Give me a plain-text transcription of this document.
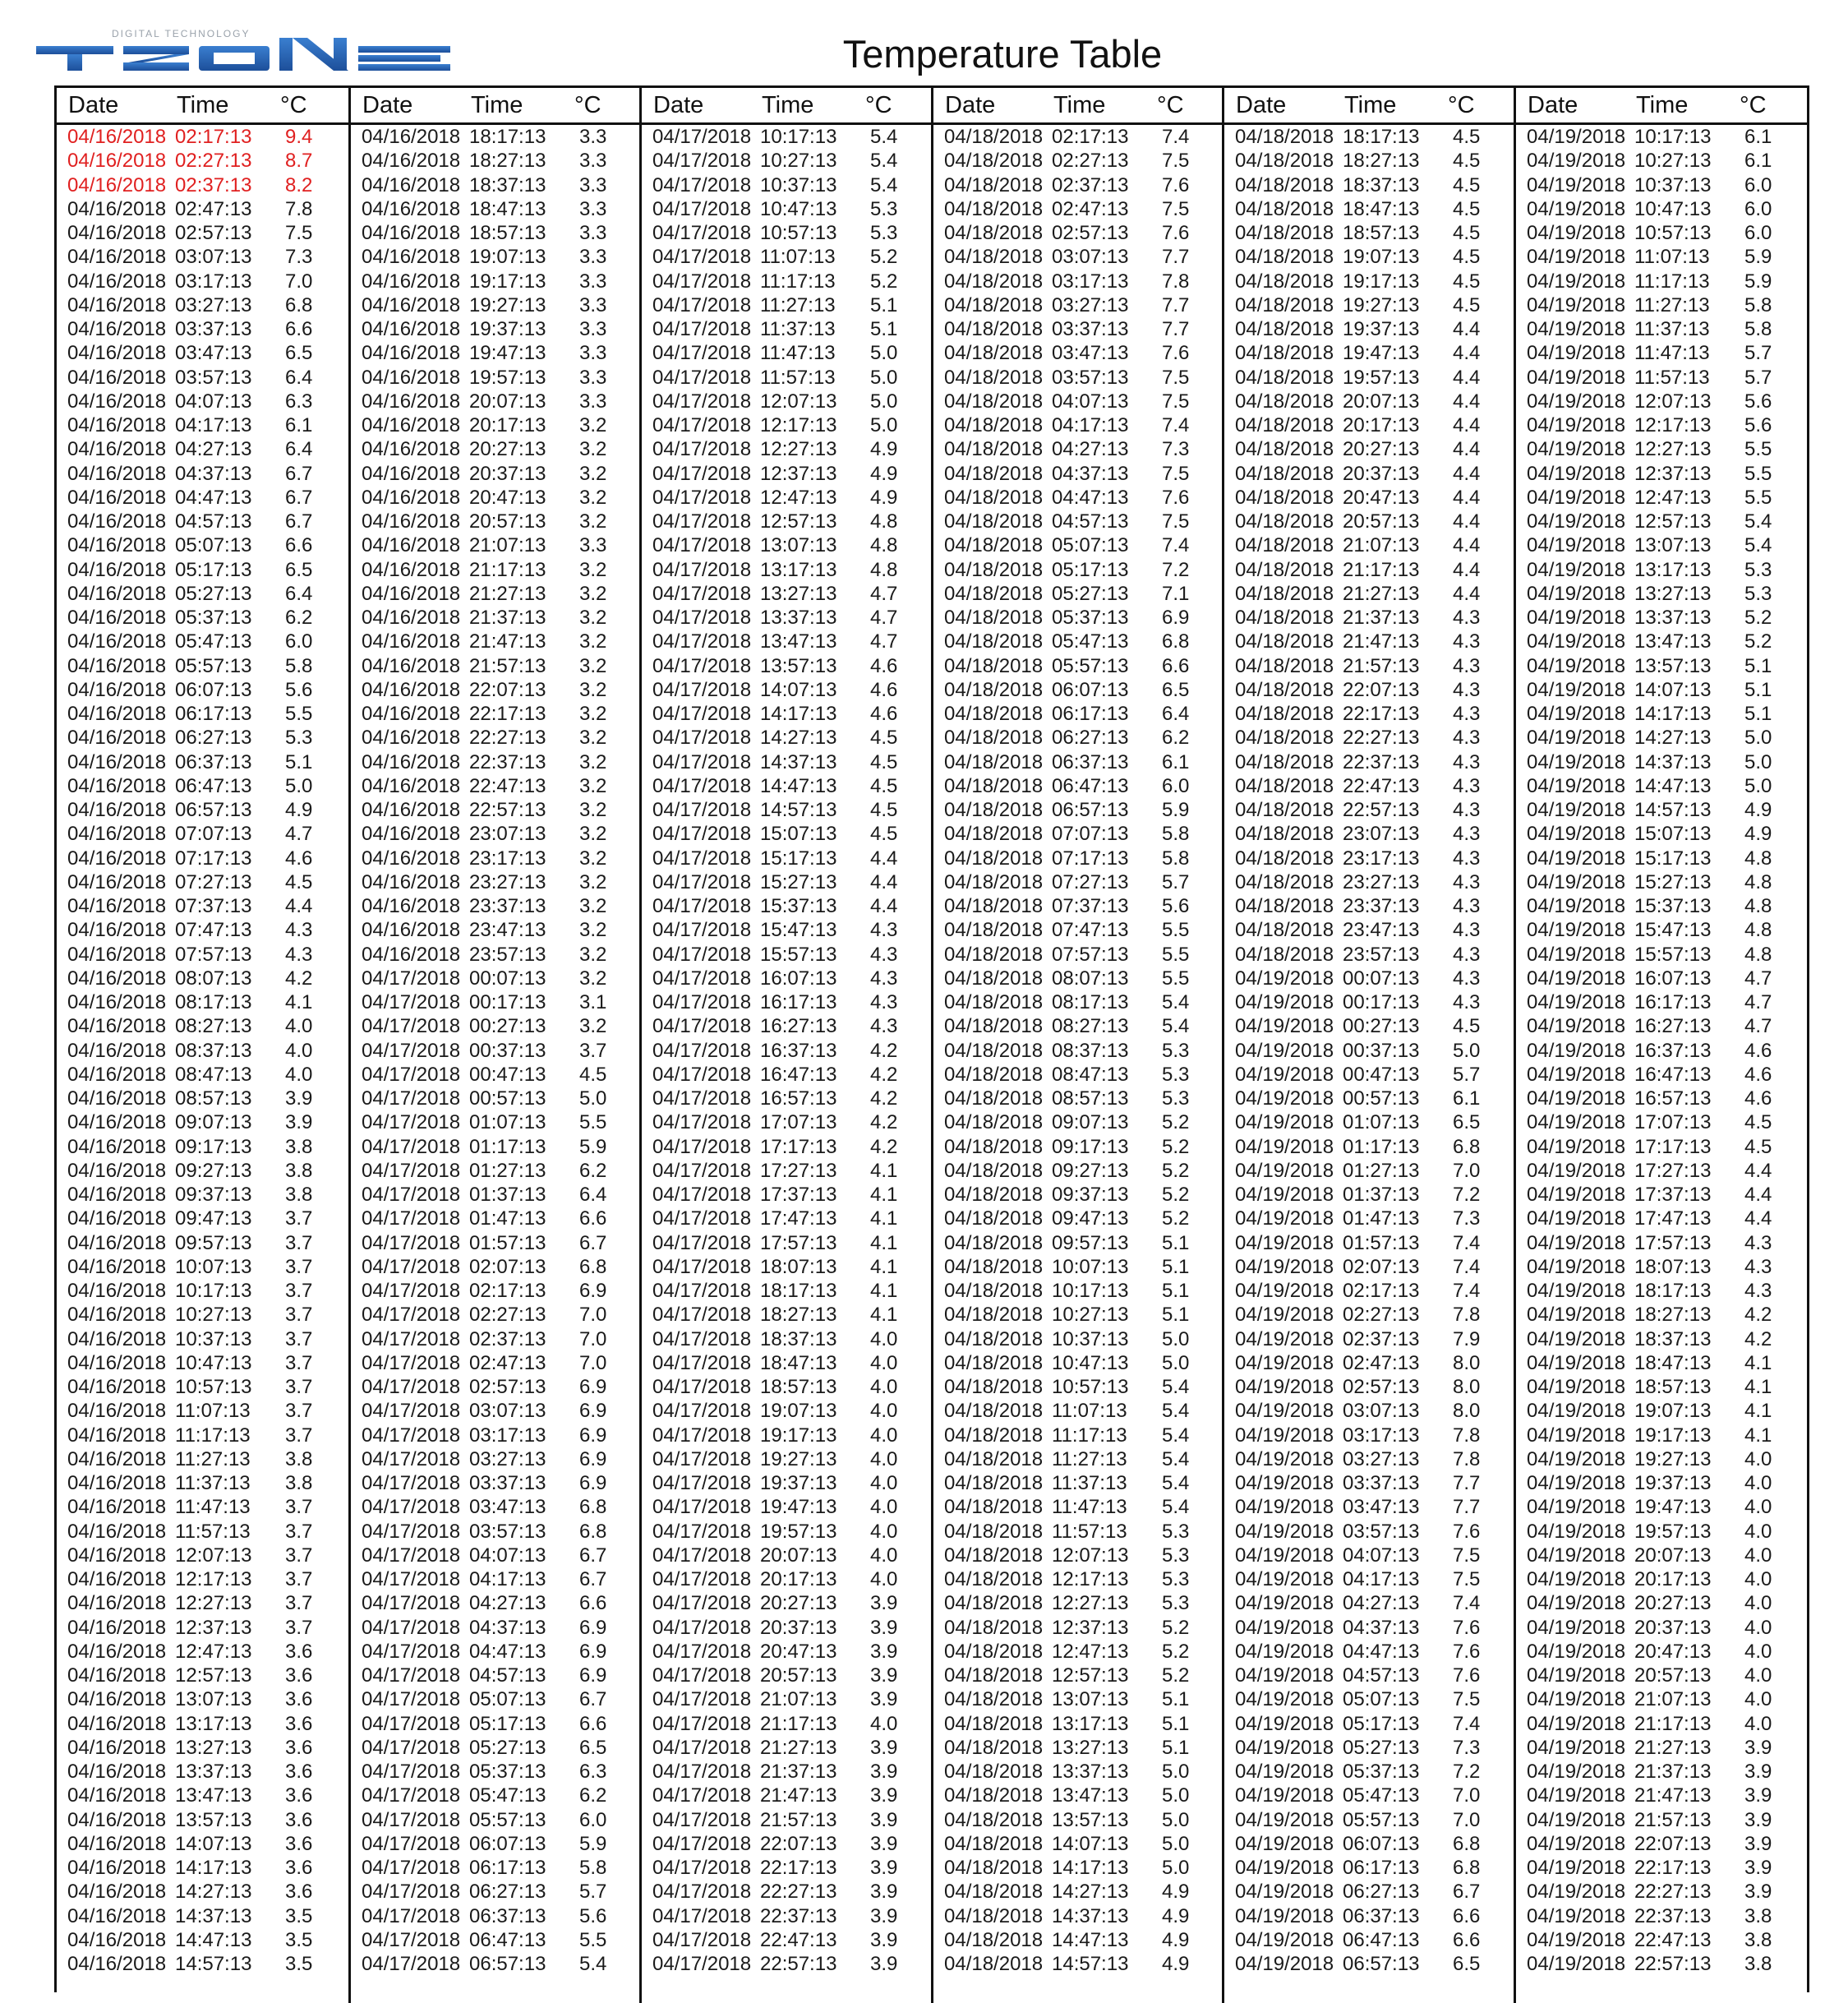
DIGITAL TECHNOLOGY	Temperature Table
Date Time °C
04/16/2018 02:17:13 9.4
04/16/2018 02:27:13 8.7
04/16/2018 02:37:13 8.2
04/16/2018 02:47:13 7.8
04/16/2018 02:57:13 7.5
04/16/2018 03:07:13 7.3
04/16/2018 03:17:13 7.0
04/16/2018 03:27:13 6.8
04/16/2018 03:37:13 6.6
04/16/2018 03:47:13 6.5
04/16/2018 03:57:13 6.4
04/16/2018 04:07:13 6.3
04/16/2018 04:17:13 6.1
04/16/2018 04:27:13 6.4
04/16/2018 04:37:13 6.7
04/16/2018 04:47:13 6.7
04/16/2018 04:57:13 6.7
04/16/2018 05:07:13 6.6
04/16/2018 05:17:13 6.5
04/16/2018 05:27:13 6.4
04/16/2018 05:37:13 6.2
04/16/2018 05:47:13 6.0
04/16/2018 05:57:13 5.8
04/16/2018 06:07:13 5.6
04/16/2018 06:17:13 5.5
04/16/2018 06:27:13 5.3
04/16/2018 06:37:13 5.1
04/16/2018 06:47:13 5.0
04/16/2018 06:57:13 4.9
04/16/2018 07:07:13 4.7
04/16/2018 07:17:13 4.6
04/16/2018 07:27:13 4.5
04/16/2018 07:37:13 4.4
04/16/2018 07:47:13 4.3
04/16/2018 07:57:13 4.3
04/16/2018 08:07:13 4.2
04/16/2018 08:17:13 4.1
04/16/2018 08:27:13 4.0
04/16/2018 08:37:13 4.0
04/16/2018 08:47:13 4.0
04/16/2018 08:57:13 3.9
04/16/2018 09:07:13 3.9
04/16/2018 09:17:13 3.8
04/16/2018 09:27:13 3.8
04/16/2018 09:37:13 3.8
04/16/2018 09:47:13 3.7
04/16/2018 09:57:13 3.7
04/16/2018 10:07:13 3.7
04/16/2018 10:17:13 3.7
04/16/2018 10:27:13 3.7
04/16/2018 10:37:13 3.7
04/16/2018 10:47:13 3.7
04/16/2018 10:57:13 3.7
04/16/2018 11:07:13 3.7
04/16/2018 11:17:13 3.7
04/16/2018 11:27:13 3.8
04/16/2018 11:37:13 3.8
04/16/2018 11:47:13 3.7
04/16/2018 11:57:13 3.7
04/16/2018 12:07:13 3.7
04/16/2018 12:17:13 3.7
04/16/2018 12:27:13 3.7
04/16/2018 12:37:13 3.7
04/16/2018 12:47:13 3.6
04/16/2018 12:57:13 3.6
04/16/2018 13:07:13 3.6
04/16/2018 13:17:13 3.6
04/16/2018 13:27:13 3.6
04/16/2018 13:37:13 3.6
04/16/2018 13:47:13 3.6
04/16/2018 13:57:13 3.6
04/16/2018 14:07:13 3.6
04/16/2018 14:17:13 3.6
04/16/2018 14:27:13 3.6
04/16/2018 14:37:13 3.5
04/16/2018 14:47:13 3.5
04/16/2018 14:57:13 3.5
Date Time °C
04/16/2018 18:17:13 3.3
04/16/2018 18:27:13 3.3
04/16/2018 18:37:13 3.3
04/16/2018 18:47:13 3.3
04/16/2018 18:57:13 3.3
04/16/2018 19:07:13 3.3
04/16/2018 19:17:13 3.3
04/16/2018 19:27:13 3.3
04/16/2018 19:37:13 3.3
04/16/2018 19:47:13 3.3
04/16/2018 19:57:13 3.3
04/16/2018 20:07:13 3.3
04/16/2018 20:17:13 3.2
04/16/2018 20:27:13 3.2
04/16/2018 20:37:13 3.2
04/16/2018 20:47:13 3.2
04/16/2018 20:57:13 3.2
04/16/2018 21:07:13 3.3
04/16/2018 21:17:13 3.2
04/16/2018 21:27:13 3.2
04/16/2018 21:37:13 3.2
04/16/2018 21:47:13 3.2
04/16/2018 21:57:13 3.2
04/16/2018 22:07:13 3.2
04/16/2018 22:17:13 3.2
04/16/2018 22:27:13 3.2
04/16/2018 22:37:13 3.2
04/16/2018 22:47:13 3.2
04/16/2018 22:57:13 3.2
04/16/2018 23:07:13 3.2
04/16/2018 23:17:13 3.2
04/16/2018 23:27:13 3.2
04/16/2018 23:37:13 3.2
04/16/2018 23:47:13 3.2
04/16/2018 23:57:13 3.2
04/17/2018 00:07:13 3.2
04/17/2018 00:17:13 3.1
04/17/2018 00:27:13 3.2
04/17/2018 00:37:13 3.7
04/17/2018 00:47:13 4.5
04/17/2018 00:57:13 5.0
04/17/2018 01:07:13 5.5
04/17/2018 01:17:13 5.9
04/17/2018 01:27:13 6.2
04/17/2018 01:37:13 6.4
04/17/2018 01:47:13 6.6
04/17/2018 01:57:13 6.7
04/17/2018 02:07:13 6.8
04/17/2018 02:17:13 6.9
04/17/2018 02:27:13 7.0
04/17/2018 02:37:13 7.0
04/17/2018 02:47:13 7.0
04/17/2018 02:57:13 6.9
04/17/2018 03:07:13 6.9
04/17/2018 03:17:13 6.9
04/17/2018 03:27:13 6.9
04/17/2018 03:37:13 6.9
04/17/2018 03:47:13 6.8
04/17/2018 03:57:13 6.8
04/17/2018 04:07:13 6.7
04/17/2018 04:17:13 6.7
04/17/2018 04:27:13 6.6
04/17/2018 04:37:13 6.9
04/17/2018 04:47:13 6.9
04/17/2018 04:57:13 6.9
04/17/2018 05:07:13 6.7
04/17/2018 05:17:13 6.6
04/17/2018 05:27:13 6.5
04/17/2018 05:37:13 6.3
04/17/2018 05:47:13 6.2
04/17/2018 05:57:13 6.0
04/17/2018 06:07:13 5.9
04/17/2018 06:17:13 5.8
04/17/2018 06:27:13 5.7
04/17/2018 06:37:13 5.6
04/17/2018 06:47:13 5.5
04/17/2018 06:57:13 5.4
Date Time °C
04/17/2018 10:17:13 5.4
04/17/2018 10:27:13 5.4
04/17/2018 10:37:13 5.4
04/17/2018 10:47:13 5.3
04/17/2018 10:57:13 5.3
04/17/2018 11:07:13 5.2
04/17/2018 11:17:13 5.2
04/17/2018 11:27:13 5.1
04/17/2018 11:37:13 5.1
04/17/2018 11:47:13 5.0
04/17/2018 11:57:13 5.0
04/17/2018 12:07:13 5.0
04/17/2018 12:17:13 5.0
04/17/2018 12:27:13 4.9
04/17/2018 12:37:13 4.9
04/17/2018 12:47:13 4.9
04/17/2018 12:57:13 4.8
04/17/2018 13:07:13 4.8
04/17/2018 13:17:13 4.8
04/17/2018 13:27:13 4.7
04/17/2018 13:37:13 4.7
04/17/2018 13:47:13 4.7
04/17/2018 13:57:13 4.6
04/17/2018 14:07:13 4.6
04/17/2018 14:17:13 4.6
04/17/2018 14:27:13 4.5
04/17/2018 14:37:13 4.5
04/17/2018 14:47:13 4.5
04/17/2018 14:57:13 4.5
04/17/2018 15:07:13 4.5
04/17/2018 15:17:13 4.4
04/17/2018 15:27:13 4.4
04/17/2018 15:37:13 4.4
04/17/2018 15:47:13 4.3
04/17/2018 15:57:13 4.3
04/17/2018 16:07:13 4.3
04/17/2018 16:17:13 4.3
04/17/2018 16:27:13 4.3
04/17/2018 16:37:13 4.2
04/17/2018 16:47:13 4.2
04/17/2018 16:57:13 4.2
04/17/2018 17:07:13 4.2
04/17/2018 17:17:13 4.2
04/17/2018 17:27:13 4.1
04/17/2018 17:37:13 4.1
04/17/2018 17:47:13 4.1
04/17/2018 17:57:13 4.1
04/17/2018 18:07:13 4.1
04/17/2018 18:17:13 4.1
04/17/2018 18:27:13 4.1
04/17/2018 18:37:13 4.0
04/17/2018 18:47:13 4.0
04/17/2018 18:57:13 4.0
04/17/2018 19:07:13 4.0
04/17/2018 19:17:13 4.0
04/17/2018 19:27:13 4.0
04/17/2018 19:37:13 4.0
04/17/2018 19:47:13 4.0
04/17/2018 19:57:13 4.0
04/17/2018 20:07:13 4.0
04/17/2018 20:17:13 4.0
04/17/2018 20:27:13 3.9
04/17/2018 20:37:13 3.9
04/17/2018 20:47:13 3.9
04/17/2018 20:57:13 3.9
04/17/2018 21:07:13 3.9
04/17/2018 21:17:13 4.0
04/17/2018 21:27:13 3.9
04/17/2018 21:37:13 3.9
04/17/2018 21:47:13 3.9
04/17/2018 21:57:13 3.9
04/17/2018 22:07:13 3.9
04/17/2018 22:17:13 3.9
04/17/2018 22:27:13 3.9
04/17/2018 22:37:13 3.9
04/17/2018 22:47:13 3.9
04/17/2018 22:57:13 3.9
Date Time °C
04/18/2018 02:17:13 7.4
04/18/2018 02:27:13 7.5
04/18/2018 02:37:13 7.6
04/18/2018 02:47:13 7.5
04/18/2018 02:57:13 7.6
04/18/2018 03:07:13 7.7
04/18/2018 03:17:13 7.8
04/18/2018 03:27:13 7.7
04/18/2018 03:37:13 7.7
04/18/2018 03:47:13 7.6
04/18/2018 03:57:13 7.5
04/18/2018 04:07:13 7.5
04/18/2018 04:17:13 7.4
04/18/2018 04:27:13 7.3
04/18/2018 04:37:13 7.5
04/18/2018 04:47:13 7.6
04/18/2018 04:57:13 7.5
04/18/2018 05:07:13 7.4
04/18/2018 05:17:13 7.2
04/18/2018 05:27:13 7.1
04/18/2018 05:37:13 6.9
04/18/2018 05:47:13 6.8
04/18/2018 05:57:13 6.6
04/18/2018 06:07:13 6.5
04/18/2018 06:17:13 6.4
04/18/2018 06:27:13 6.2
04/18/2018 06:37:13 6.1
04/18/2018 06:47:13 6.0
04/18/2018 06:57:13 5.9
04/18/2018 07:07:13 5.8
04/18/2018 07:17:13 5.8
04/18/2018 07:27:13 5.7
04/18/2018 07:37:13 5.6
04/18/2018 07:47:13 5.5
04/18/2018 07:57:13 5.5
04/18/2018 08:07:13 5.5
04/18/2018 08:17:13 5.4
04/18/2018 08:27:13 5.4
04/18/2018 08:37:13 5.3
04/18/2018 08:47:13 5.3
04/18/2018 08:57:13 5.3
04/18/2018 09:07:13 5.2
04/18/2018 09:17:13 5.2
04/18/2018 09:27:13 5.2
04/18/2018 09:37:13 5.2
04/18/2018 09:47:13 5.2
04/18/2018 09:57:13 5.1
04/18/2018 10:07:13 5.1
04/18/2018 10:17:13 5.1
04/18/2018 10:27:13 5.1
04/18/2018 10:37:13 5.0
04/18/2018 10:47:13 5.0
04/18/2018 10:57:13 5.4
04/18/2018 11:07:13 5.4
04/18/2018 11:17:13 5.4
04/18/2018 11:27:13 5.4
04/18/2018 11:37:13 5.4
04/18/2018 11:47:13 5.4
04/18/2018 11:57:13 5.3
04/18/2018 12:07:13 5.3
04/18/2018 12:17:13 5.3
04/18/2018 12:27:13 5.3
04/18/2018 12:37:13 5.2
04/18/2018 12:47:13 5.2
04/18/2018 12:57:13 5.2
04/18/2018 13:07:13 5.1
04/18/2018 13:17:13 5.1
04/18/2018 13:27:13 5.1
04/18/2018 13:37:13 5.0
04/18/2018 13:47:13 5.0
04/18/2018 13:57:13 5.0
04/18/2018 14:07:13 5.0
04/18/2018 14:17:13 5.0
04/18/2018 14:27:13 4.9
04/18/2018 14:37:13 4.9
04/18/2018 14:47:13 4.9
04/18/2018 14:57:13 4.9
Date Time °C
04/18/2018 18:17:13 4.5
04/18/2018 18:27:13 4.5
04/18/2018 18:37:13 4.5
04/18/2018 18:47:13 4.5
04/18/2018 18:57:13 4.5
04/18/2018 19:07:13 4.5
04/18/2018 19:17:13 4.5
04/18/2018 19:27:13 4.5
04/18/2018 19:37:13 4.4
04/18/2018 19:47:13 4.4
04/18/2018 19:57:13 4.4
04/18/2018 20:07:13 4.4
04/18/2018 20:17:13 4.4
04/18/2018 20:27:13 4.4
04/18/2018 20:37:13 4.4
04/18/2018 20:47:13 4.4
04/18/2018 20:57:13 4.4
04/18/2018 21:07:13 4.4
04/18/2018 21:17:13 4.4
04/18/2018 21:27:13 4.4
04/18/2018 21:37:13 4.3
04/18/2018 21:47:13 4.3
04/18/2018 21:57:13 4.3
04/18/2018 22:07:13 4.3
04/18/2018 22:17:13 4.3
04/18/2018 22:27:13 4.3
04/18/2018 22:37:13 4.3
04/18/2018 22:47:13 4.3
04/18/2018 22:57:13 4.3
04/18/2018 23:07:13 4.3
04/18/2018 23:17:13 4.3
04/18/2018 23:27:13 4.3
04/18/2018 23:37:13 4.3
04/18/2018 23:47:13 4.3
04/18/2018 23:57:13 4.3
04/19/2018 00:07:13 4.3
04/19/2018 00:17:13 4.3
04/19/2018 00:27:13 4.5
04/19/2018 00:37:13 5.0
04/19/2018 00:47:13 5.7
04/19/2018 00:57:13 6.1
04/19/2018 01:07:13 6.5
04/19/2018 01:17:13 6.8
04/19/2018 01:27:13 7.0
04/19/2018 01:37:13 7.2
04/19/2018 01:47:13 7.3
04/19/2018 01:57:13 7.4
04/19/2018 02:07:13 7.4
04/19/2018 02:17:13 7.4
04/19/2018 02:27:13 7.8
04/19/2018 02:37:13 7.9
04/19/2018 02:47:13 8.0
04/19/2018 02:57:13 8.0
04/19/2018 03:07:13 8.0
04/19/2018 03:17:13 7.8
04/19/2018 03:27:13 7.8
04/19/2018 03:37:13 7.7
04/19/2018 03:47:13 7.7
04/19/2018 03:57:13 7.6
04/19/2018 04:07:13 7.5
04/19/2018 04:17:13 7.5
04/19/2018 04:27:13 7.4
04/19/2018 04:37:13 7.6
04/19/2018 04:47:13 7.6
04/19/2018 04:57:13 7.6
04/19/2018 05:07:13 7.5
04/19/2018 05:17:13 7.4
04/19/2018 05:27:13 7.3
04/19/2018 05:37:13 7.2
04/19/2018 05:47:13 7.0
04/19/2018 05:57:13 7.0
04/19/2018 06:07:13 6.8
04/19/2018 06:17:13 6.8
04/19/2018 06:27:13 6.7
04/19/2018 06:37:13 6.6
04/19/2018 06:47:13 6.6
04/19/2018 06:57:13 6.5
Date Time °C
04/19/2018 10:17:13 6.1
04/19/2018 10:27:13 6.1
04/19/2018 10:37:13 6.0
04/19/2018 10:47:13 6.0
04/19/2018 10:57:13 6.0
04/19/2018 11:07:13 5.9
04/19/2018 11:17:13 5.9
04/19/2018 11:27:13 5.8
04/19/2018 11:37:13 5.8
04/19/2018 11:47:13 5.7
04/19/2018 11:57:13 5.7
04/19/2018 12:07:13 5.6
04/19/2018 12:17:13 5.6
04/19/2018 12:27:13 5.5
04/19/2018 12:37:13 5.5
04/19/2018 12:47:13 5.5
04/19/2018 12:57:13 5.4
04/19/2018 13:07:13 5.4
04/19/2018 13:17:13 5.3
04/19/2018 13:27:13 5.3
04/19/2018 13:37:13 5.2
04/19/2018 13:47:13 5.2
04/19/2018 13:57:13 5.1
04/19/2018 14:07:13 5.1
04/19/2018 14:17:13 5.1
04/19/2018 14:27:13 5.0
04/19/2018 14:37:13 5.0
04/19/2018 14:47:13 5.0
04/19/2018 14:57:13 4.9
04/19/2018 15:07:13 4.9
04/19/2018 15:17:13 4.8
04/19/2018 15:27:13 4.8
04/19/2018 15:37:13 4.8
04/19/2018 15:47:13 4.8
04/19/2018 15:57:13 4.8
04/19/2018 16:07:13 4.7
04/19/2018 16:17:13 4.7
04/19/2018 16:27:13 4.7
04/19/2018 16:37:13 4.6
04/19/2018 16:47:13 4.6
04/19/2018 16:57:13 4.6
04/19/2018 17:07:13 4.5
04/19/2018 17:17:13 4.5
04/19/2018 17:27:13 4.4
04/19/2018 17:37:13 4.4
04/19/2018 17:47:13 4.4
04/19/2018 17:57:13 4.3
04/19/2018 18:07:13 4.3
04/19/2018 18:17:13 4.3
04/19/2018 18:27:13 4.2
04/19/2018 18:37:13 4.2
04/19/2018 18:47:13 4.1
04/19/2018 18:57:13 4.1
04/19/2018 19:07:13 4.1
04/19/2018 19:17:13 4.1
04/19/2018 19:27:13 4.0
04/19/2018 19:37:13 4.0
04/19/2018 19:47:13 4.0
04/19/2018 19:57:13 4.0
04/19/2018 20:07:13 4.0
04/19/2018 20:17:13 4.0
04/19/2018 20:27:13 4.0
04/19/2018 20:37:13 4.0
04/19/2018 20:47:13 4.0
04/19/2018 20:57:13 4.0
04/19/2018 21:07:13 4.0
04/19/2018 21:17:13 4.0
04/19/2018 21:27:13 3.9
04/19/2018 21:37:13 3.9
04/19/2018 21:47:13 3.9
04/19/2018 21:57:13 3.9
04/19/2018 22:07:13 3.9
04/19/2018 22:17:13 3.9
04/19/2018 22:27:13 3.9
04/19/2018 22:37:13 3.8
04/19/2018 22:47:13 3.8
04/19/2018 22:57:13 3.8
